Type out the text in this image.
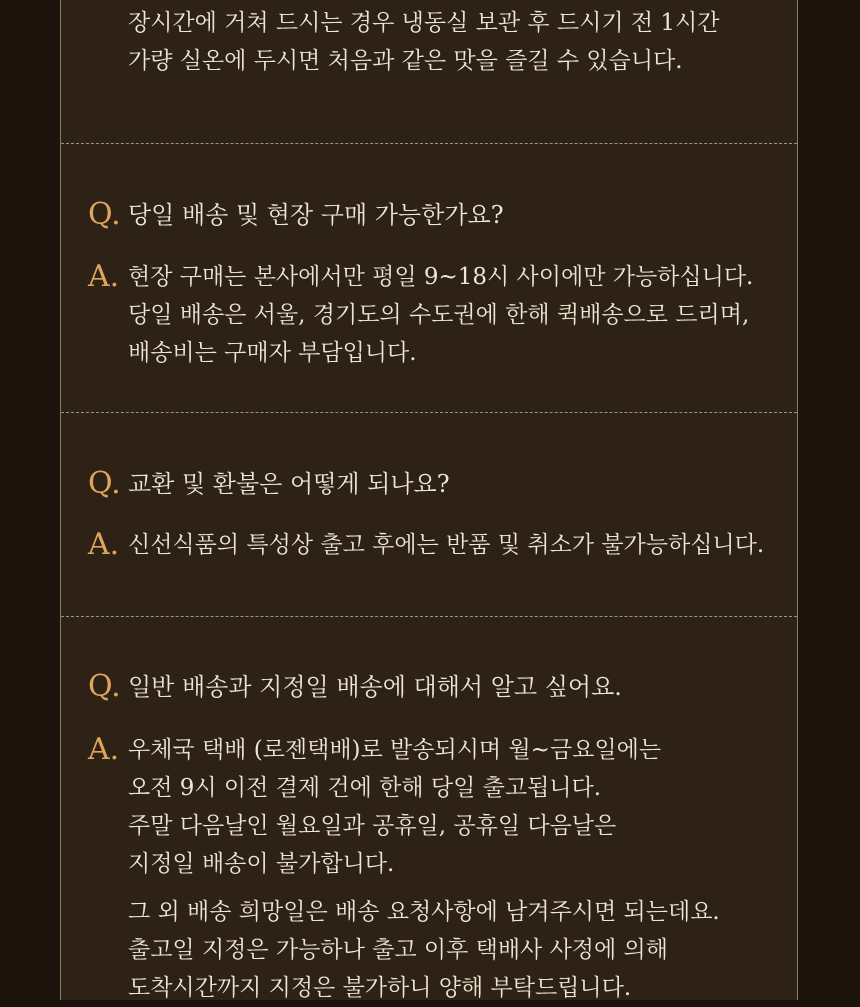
장시간에 거쳐 드시는 경우 냉동실 보관 후 드시기 전 1시간
가량 실온에 두시면 처음과 같은 맛을 즐길 수 있습니다.
Q. 당일 배송 및 현장 구매 가능한가요?
A. 현장 구매는 본사에서만 평일 9~18시 사이에만 가능하십니다.
당일 배송은 서울, 경기도의 수도권에 한해 퀵배송으로 드리며,
배송비는 구매자 부담입니다.
Q. 교환 및 환불은 어떻게 되나요?
A. 신선식품의 특성상 출고 후에는 반품 및 취소가 불가능하십니다.
Q. 일반 배송과 지정일 배송에 대해서 알고 싶어요.
A. 우체국 택배 (로젠택배)로 발송되시며 월~금요일에는
오전 9시 이전 결제 건에 한해 당일 출고됩니다.
주말 다음날인 월요일과 공휴일, 공휴일 다음날은
지정일 배송이 불가합니다.
그 외 배송 희망일은 배송 요청사항에 남겨주시면 되는데요.
출고일 지정은 가능하나 출고 이후 택배사 사정에 의해
도착시간까지 지정은 불가하니 양해 부탁드립니다.
